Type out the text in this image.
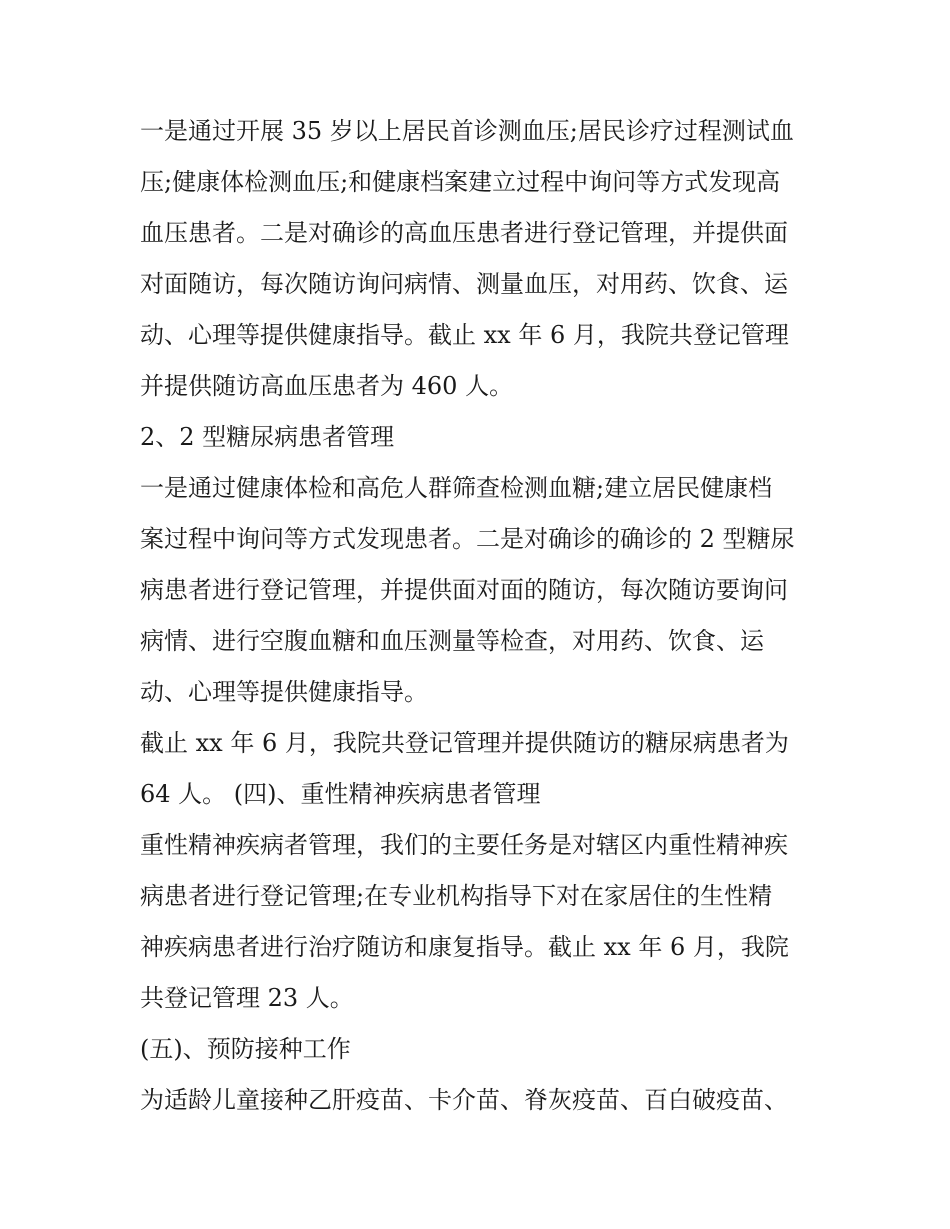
一是通过开展 35 岁以上居民首诊测血压;居民诊疗过程测试血
压;健康体检测血压;和健康档案建立过程中询问等方式发现高
血压患者。二是对确诊的高血压患者进行登记管理，并提供面
对面随访，每次随访询问病情、测量血压，对用药、饮食、运
动、心理等提供健康指导。截止 xx 年 6 月，我院共登记管理
并提供随访高血压患者为 460 人。
2、2 型糖尿病患者管理
一是通过健康体检和高危人群筛查检测血糖;建立居民健康档
案过程中询问等方式发现患者。二是对确诊的确诊的 2 型糖尿
病患者进行登记管理，并提供面对面的随访，每次随访要询问
病情、进行空腹血糖和血压测量等检查，对用药、饮食、运
动、心理等提供健康指导。
截止 xx 年 6 月，我院共登记管理并提供随访的糖尿病患者为
64 人。 (四)、重性精神疾病患者管理
重性精神疾病者管理，我们的主要任务是对辖区内重性精神疾
病患者进行登记管理;在专业机构指导下对在家居住的生性精
神疾病患者进行治疗随访和康复指导。截止 xx 年 6 月，我院
共登记管理 23 人。
(五)、预防接种工作
为适龄儿童接种乙肝疫苗、卡介苗、脊灰疫苗、百白破疫苗、
